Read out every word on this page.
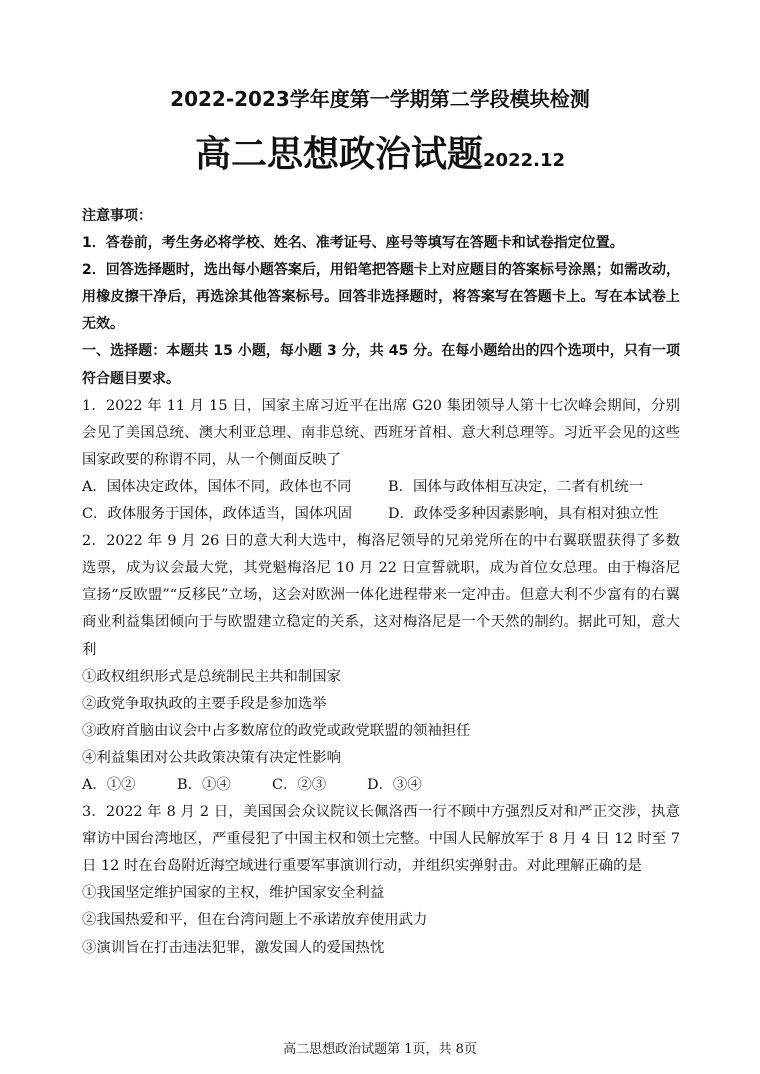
2022-2023学年度第一学期第二学段模块检测
高二思想政治试题2022.12

注意事项：

1．答卷前，考生务必将学校、姓名、准考证号、座号等填写在答题卡和试卷指定位置。

2．回答选择题时，选出每小题答案后，用铅笔把答题卡上对应题目的答案标号涂黑；如需改动，用橡皮擦干净后，再选涂其他答案标号。回答非选择题时，将答案写在答题卡上。写在本试卷上无效。

一、选择题：本题共 15 小题，每小题 3 分，共 45 分。在每小题给出的四个选项中，只有一项符合题目要求。

1．2022 年 11 月 15 日，国家主席习近平在出席 G20 集团领导人第十七次峰会期间，分别会见了美国总统、澳大利亚总理、南非总统、西班牙首相、意大利总理等。习近平会见的这些国家政要的称谓不同，从一个侧面反映了

A．国体决定政体，国体不同，政体也不同	B．国体与政体相互决定，二者有机统一
C．政体服务于国体，政体适当，国体巩固	D．政体受多种因素影响，具有相对独立性

2．2022 年 9 月 26 日的意大利大选中，梅洛尼领导的兄弟党所在的中右翼联盟获得了多数选票，成为议会最大党，其党魁梅洛尼 10 月 22 日宣誓就职，成为首位女总理。由于梅洛尼宣扬“反欧盟”“反移民”立场，这会对欧洲一体化进程带来一定冲击。但意大利不少富有的右翼商业利益集团倾向于与欧盟建立稳定的关系，这对梅洛尼是一个天然的制约。据此可知，意大利

①政权组织形式是总统制民主共和制国家

②政党争取执政的主要手段是参加选举

③政府首脑由议会中占多数席位的政党或政党联盟的领袖担任

④利益集团对公共政策决策有决定性影响

A．①②	B．①④	C．②③	D．③④

3．2022 年 8 月 2 日，美国国会众议院议长佩洛西一行不顾中方强烈反对和严正交涉，执意窜访中国台湾地区，严重侵犯了中国主权和领土完整。中国人民解放军于 8 月 4 日 12 时至 7 日 12 时在台岛附近海空域进行重要军事演训行动，并组织实弹射击。对此理解正确的是

①我国坚定维护国家的主权，维护国家安全利益

②我国热爱和平，但在台湾问题上不承诺放弃使用武力

③演训旨在打击违法犯罪，激发国人的爱国热忱

高二思想政治试题第 1页，共 8页
